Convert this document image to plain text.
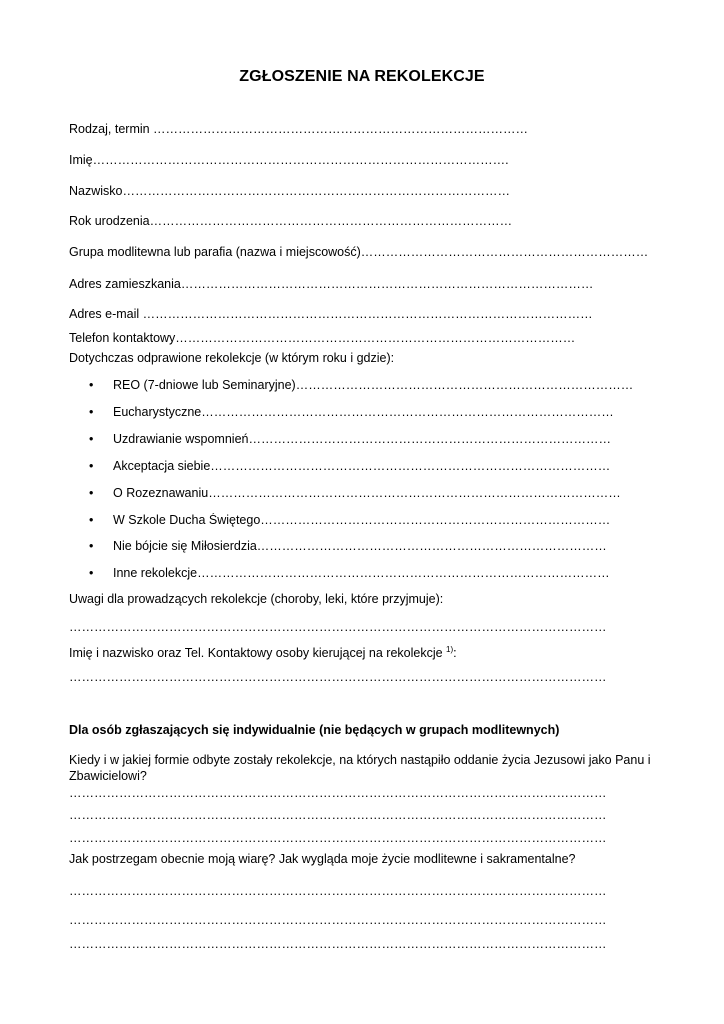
ZGŁOSZENIE NA REKOLEKCJE
Rodzaj, termin ………………………………………………………………………………
Imię……………………………………………………………………………………….
Nazwisko…………………………………………………………………………………
Rok urodzenia……………………………………………………………………………
Grupa modlitewna lub parafia (nazwa i miejscowość)……………………………………………………………
Adres zamieszkania………………………………………………………………………………………
Adres e-mail ………………………………………………………………………………………………
Telefon kontaktowy……………………………………………………………………………………
Dotychczas odprawione rekolekcje (w którym roku i gdzie):
• REO (7-dniowe lub Seminaryjne)………………………………………………………………………
• Eucharystyczne………………………………………………………………………………………
• Uzdrawianie wspomnień……………………………………………………………………………
• Akceptacja siebie……………………………………………………………………………………
• O Rozeznawaniu………………………………………………………………………………………
• W Szkole Ducha Świętego…………………………………………………………………………
• Nie bójcie się Miłosierdzia…………………………………………………………………………
• Inne rekolekcje………………………………………………………………………………………
Uwagi dla prowadzących rekolekcje (choroby, leki, które przyjmuje):
…………………………………………………………………………………………………………………
Imię i nazwisko oraz Tel. Kontaktowy osoby kierującej na rekolekcje $^{1)}$:
…………………………………………………………………………………………………………………
Dla osób zgłaszających się indywidualnie (nie będących w grupach modlitewnych)
Kiedy i w jakiej formie odbyte zostały rekolekcje, na których nastąpiło oddanie życia Jezusowi jako Panu i Zbawicielowi?
…………………………………………………………………………………………………………………
…………………………………………………………………………………………………………………
…………………………………………………………………………………………………………………
Jak postrzegam obecnie moją wiarę? Jak wygląda moje życie modlitewne i sakramentalne?
…………………………………………………………………………………………………………………
…………………………………………………………………………………………………………………
…………………………………………………………………………………………………………………
